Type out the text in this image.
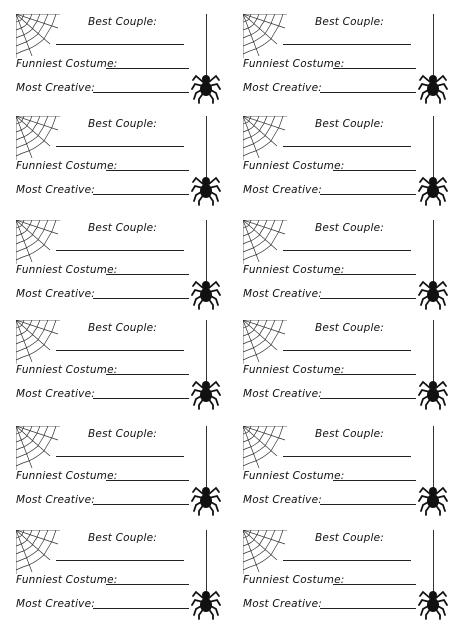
Best Couple:
Funniest Costume:
Most Creative:
Best Couple:
Funniest Costume:
Most Creative:
Best Couple:
Funniest Costume:
Most Creative:
Best Couple:
Funniest Costume:
Most Creative:
Best Couple:
Funniest Costume:
Most Creative:
Best Couple:
Funniest Costume:
Most Creative:
Best Couple:
Funniest Costume:
Most Creative:
Best Couple:
Funniest Costume:
Most Creative:
Best Couple:
Funniest Costume:
Most Creative:
Best Couple:
Funniest Costume:
Most Creative:
Best Couple:
Funniest Costume:
Most Creative:
Best Couple:
Funniest Costume:
Most Creative:
